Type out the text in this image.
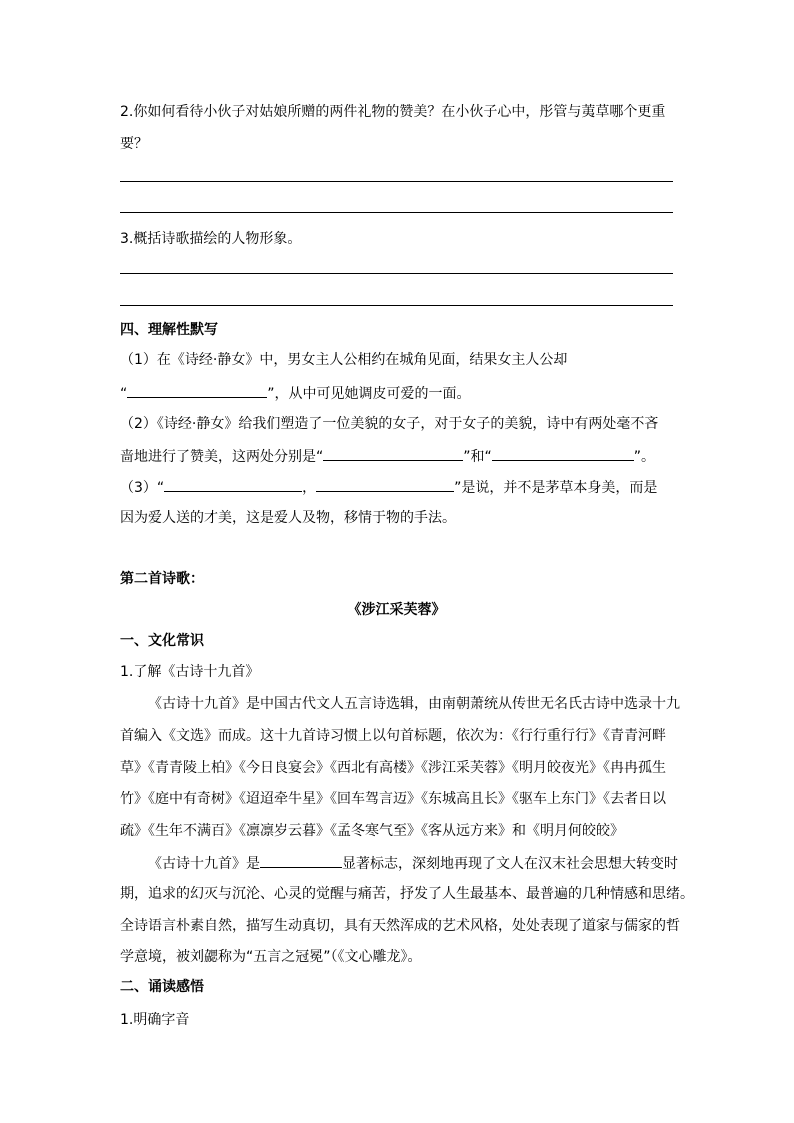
2.你如何看待小伙子对姑娘所赠的两件礼物的赞美？在小伙子心中，彤管与荑草哪个更重
要？
3.概括诗歌描绘的人物形象。
四、理解性默写
（1）在《诗经·静女》中，男女主人公相约在城角见面，结果女主人公却
“	”，从中可见她调皮可爱的一面。
（2）《诗经·静女》给我们塑造了一位美貌的女子，对于女子的美貌，诗中有两处毫不吝
啬地进行了赞美，这两处分别是“	”和“	”。
（3）“	，	”是说，并不是茅草本身美，而是
因为爱人送的才美，这是爱人及物，移情于物的手法。
第二首诗歌：
《涉江采芙蓉》
一、文化常识
1.了解《古诗十九首》
《古诗十九首》是中国古代文人五言诗选辑，由南朝萧统从传世无名氏古诗中选录十九
首编入《文选》而成。这十九首诗习惯上以句首标题，依次为：《行行重行行》《青青河畔
草》《青青陵上柏》《今日良宴会》《西北有高楼》《涉江采芙蓉》《明月皎夜光》《冉冉孤生
竹》《庭中有奇树》《迢迢牵牛星》《回车驾言迈》《东城高且长》《驱车上东门》《去者日以
疏》《生年不满百》《凛凛岁云暮》《孟冬寒气至》《客从远方来》和《明月何皎皎》
《古诗十九首》是	显著标志，深刻地再现了文人在汉末社会思想大转变时
期，追求的幻灭与沉沦、心灵的觉醒与痛苦，抒发了人生最基本、最普遍的几种情感和思绪。
全诗语言朴素自然，描写生动真切，具有天然浑成的艺术风格，处处表现了道家与儒家的哲
学意境，被刘勰称为“五言之冠冕”（《文心雕龙》。
二、诵读感悟
1.明确字音
